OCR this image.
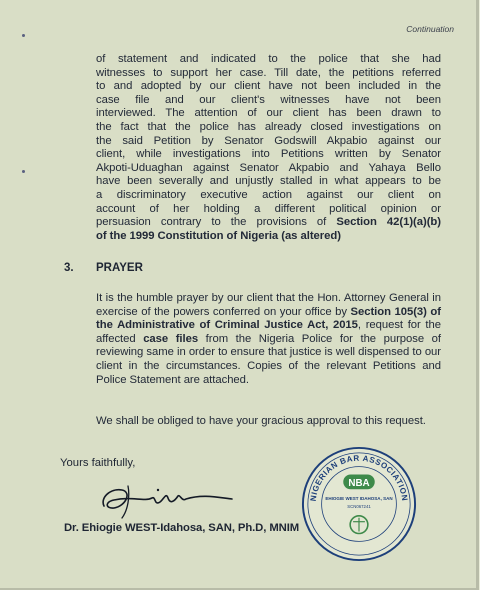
Continuation
of statement and indicated to the police that she had
witnesses to support her case. Till date, the petitions referred
to and adopted by our client have not been included in the
case file and our client's witnesses have not been
interviewed. The attention of our client has been drawn to
the fact that the police has already closed investigations on
the said Petition by Senator Godswill Akpabio against our
client, while investigations into Petitions written by Senator
Akpoti-Uduaghan against Senator Akpabio and Yahaya Bello
have been severally and unjustly stalled in what appears to be
a discriminatory executive action against our client on
account of her holding a different political opinion or
persuasion contrary to the provisions of Section 42(1)(a)(b)
of the 1999 Constitution of Nigeria (as altered)
3. PRAYER
It is the humble prayer by our client that the Hon. Attorney General in exercise of the powers conferred on your office by Section 105(3) of the Administrative of Criminal Justice Act, 2015, request for the affected case files from the Nigeria Police for the purpose of reviewing same in order to ensure that justice is well dispensed to our client in the circumstances. Copies of the relevant Petitions and Police Statement are attached.
We shall be obliged to have your gracious approval to this request.
Yours faithfully,
Dr. Ehiogie WEST-Idahosa, SAN, Ph.D, MNIM
NIGERIAN BAR ASSOCIATION
NBA
EHIOGIE WEST IDAHOSA, SAN
SCN067241
